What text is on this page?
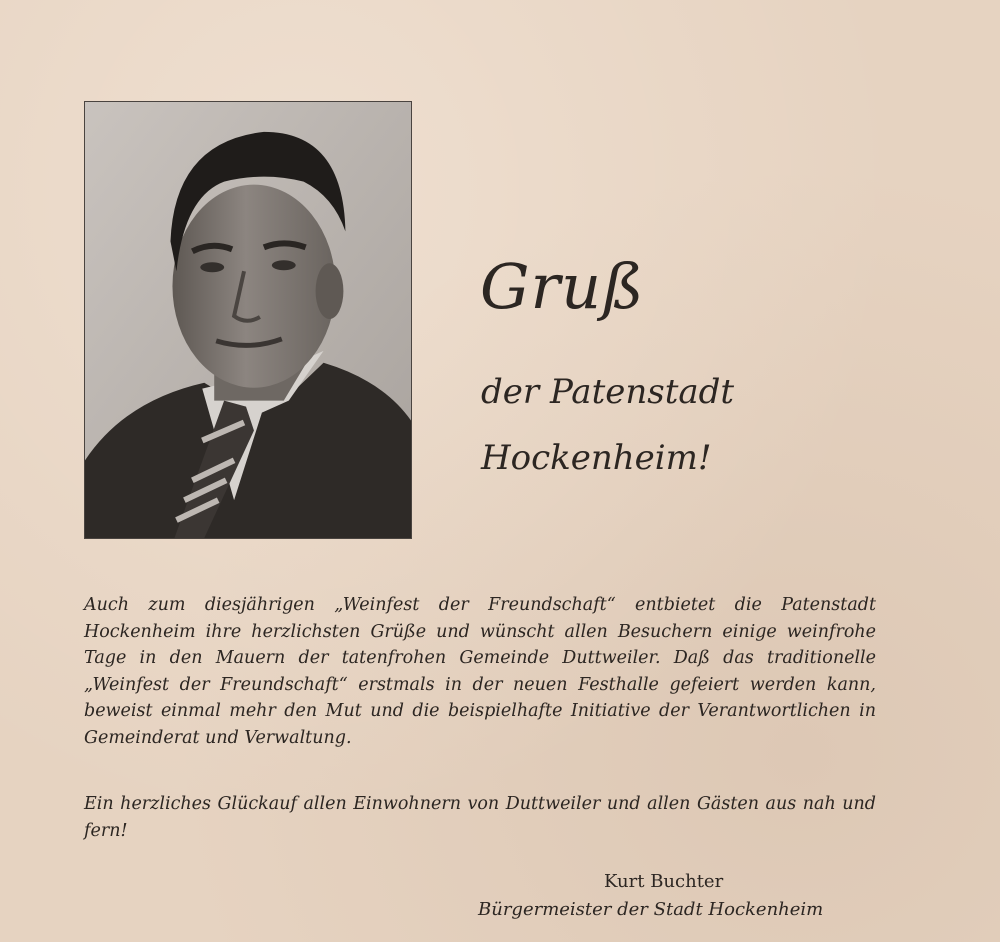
Gruß
der Patenstadt
Hockenheim!

Auch zum diesjährigen „Weinfest der Freundschaft“ entbietet die Patenstadt Hockenheim ihre herzlichsten Grüße und wünscht allen Besuchern einige weinfrohe Tage in den Mauern der tatenfrohen Gemeinde Duttweiler. Daß das traditionelle „Weinfest der Freundschaft“ erstmals in der neuen Festhalle gefeiert werden kann, beweist einmal mehr den Mut und die beispielhafte Initiative der Verantwortlichen in Gemeinderat und Verwaltung.

Ein herzliches Glückauf allen Einwohnern von Duttweiler und allen Gästen aus nah und fern!

Kurt Buchter
Bürgermeister der Stadt Hockenheim
